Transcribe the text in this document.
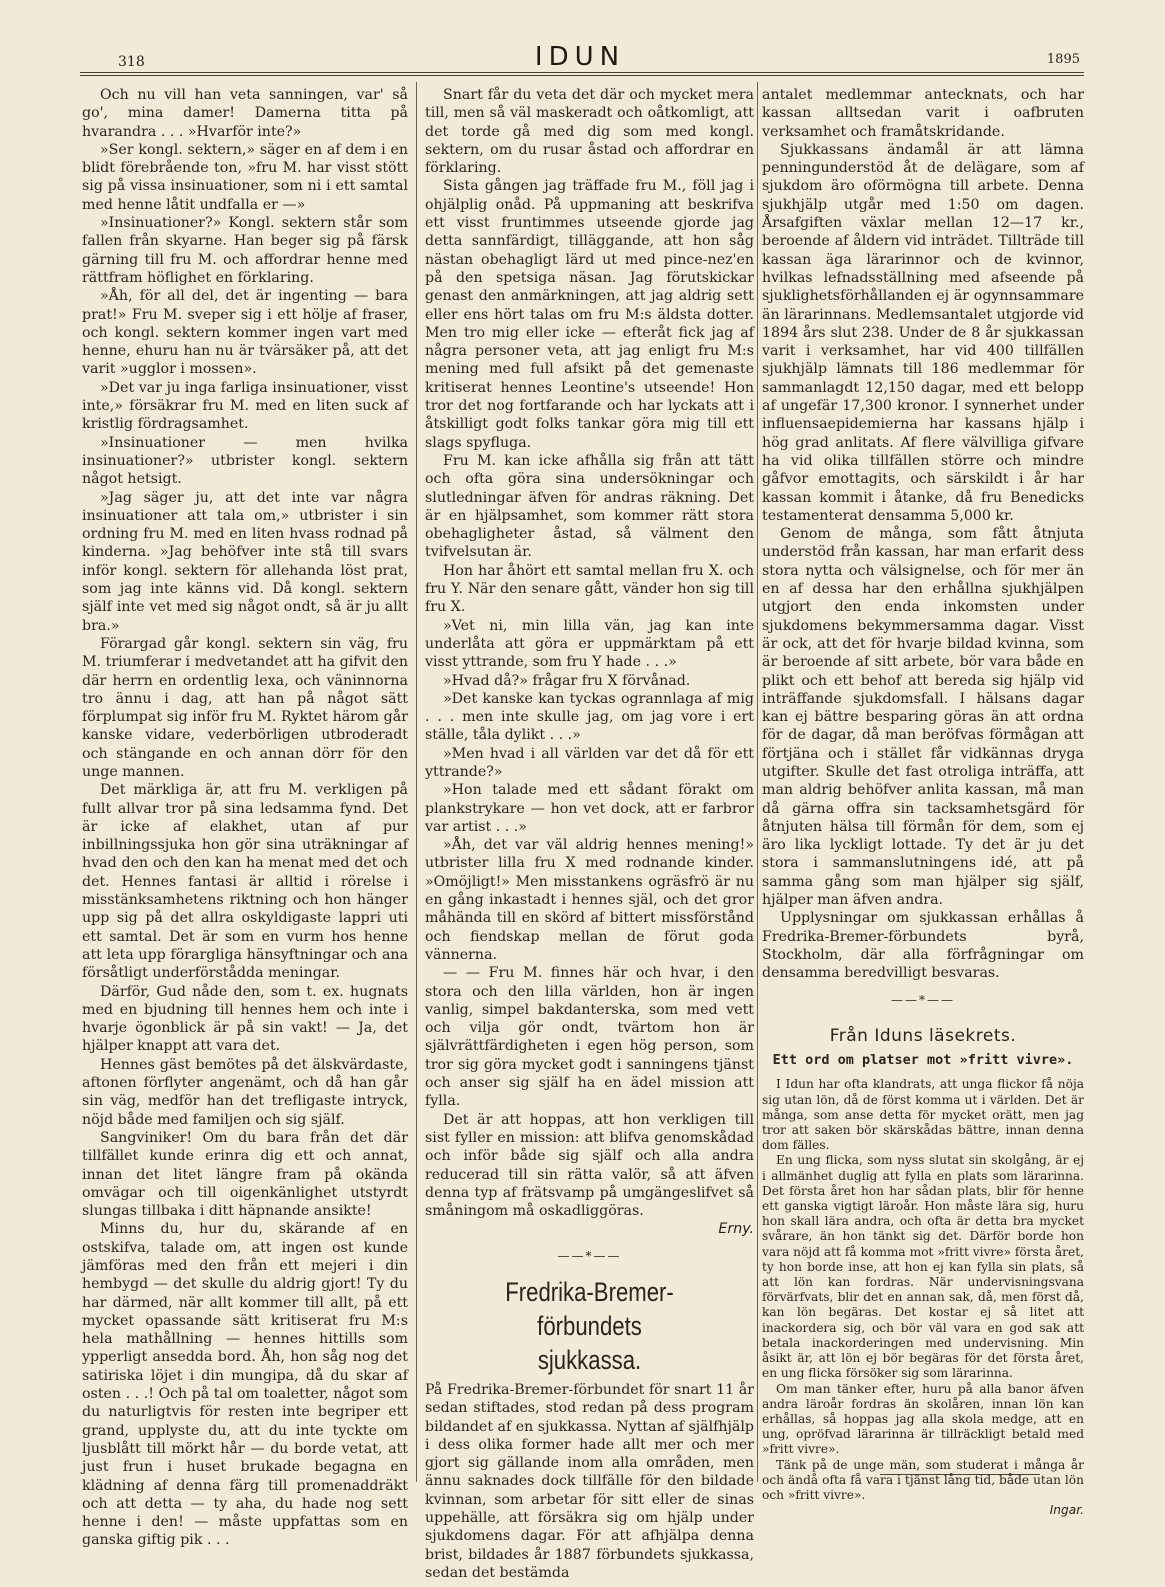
318	IDUN	1895

Och nu vill han veta sanningen, var' så go', mina damer! Damerna titta på hvarandra . . . »Hvarför inte?»

»Ser kongl. sektern,» säger en af dem i en blidt förebrående ton, »fru M. har visst stött sig på vissa insinuationer, som ni i ett samtal med henne låtit undfalla er —»

»Insinuationer?» Kongl. sektern står som fallen från skyarne. Han beger sig på färsk gärning till fru M. och affordrar henne med rättfram höflighet en förklaring.

»Åh, för all del, det är ingenting — bara prat!» Fru M. sveper sig i ett hölje af fraser, och kongl. sektern kommer ingen vart med henne, ehuru han nu är tvärsäker på, att det varit »ugglor i mossen».

»Det var ju inga farliga insinuationer, visst inte,» försäkrar fru M. med en liten suck af kristlig fördragsamhet.

»Insinuationer — men hvilka insinuationer?» utbrister kongl. sektern något hetsigt.

»Jag säger ju, att det inte var några insinuationer att tala om,» utbrister i sin ordning fru M. med en liten hvass rodnad på kinderna. »Jag behöfver inte stå till svars inför kongl. sektern för allehanda löst prat, som jag inte känns vid. Då kongl. sektern själf inte vet med sig något ondt, så är ju allt bra.»

Förargad går kongl. sektern sin väg, fru M. triumferar i medvetandet att ha gifvit den där herrn en ordentlig lexa, och väninnorna tro ännu i dag, att han på något sätt förplumpat sig inför fru M. Ryktet härom går kanske vidare, vederbörligen utbroderadt och stängande en och annan dörr för den unge mannen.

Det märkliga är, att fru M. verkligen på fullt allvar tror på sina ledsamma fynd. Det är icke af elakhet, utan af pur inbillningssjuka hon gör sina uträkningar af hvad den och den kan ha menat med det och det. Hennes fantasi är alltid i rörelse i misstänksamhetens riktning och hon hänger upp sig på det allra oskyldigaste lappri uti ett samtal. Det är som en vurm hos henne att leta upp förargliga hänsyftningar och ana försåtligt underförstådda meningar.

Därför, Gud nåde den, som t. ex. hugnats med en bjudning till hennes hem och inte i hvarje ögonblick är på sin vakt! — Ja, det hjälper knappt att vara det.

Hennes gäst bemötes på det älskvärdaste, aftonen förflyter angenämt, och då han går sin väg, medför han det trefligaste intryck, nöjd både med familjen och sig själf.

Sangviniker! Om du bara från det där tillfället kunde erinra dig ett och annat, innan det litet längre fram på okända omvägar och till oigenkänlighet utstyrdt slungas tillbaka i ditt häpnande ansikte!

Minns du, hur du, skärande af en ostskifva, talade om, att ingen ost kunde jämföras med den från ett mejeri i din hembygd — det skulle du aldrig gjort! Ty du har därmed, när allt kommer till allt, på ett mycket opassande sätt kritiserat fru M:s hela mathållning — hennes hittills som ypperligt ansedda bord. Åh, hon såg nog det satiriska löjet i din mungipa, då du skar af osten . . .! Och på tal om toaletter, något som du naturligtvis för resten inte begriper ett grand, upplyste du, att du inte tyckte om ljusblått till mörkt hår — du borde vetat, att just frun i huset brukade begagna en klädning af denna färg till promenaddräkt och att detta — ty aha, du hade nog sett henne i den! — måste uppfattas som en ganska giftig pik . . .

Snart får du veta det där och mycket mera till, men så väl maskeradt och oåtkomligt, att det torde gå med dig som med kongl. sektern, om du rusar åstad och affordrar en förklaring.

Sista gången jag träffade fru M., föll jag i ohjälplig onåd. På uppmaning att beskrifva ett visst fruntimmes utseende gjorde jag detta sannfärdigt, tilläggande, att hon såg nästan obehagligt lärd ut med pince-nez'en på den spetsiga näsan. Jag förutskickar genast den anmärkningen, att jag aldrig sett eller ens hört talas om fru M:s äldsta dotter. Men tro mig eller icke — efteråt fick jag af några personer veta, att jag enligt fru M:s mening med full afsikt på det gemenaste kritiserat hennes Leontine's utseende! Hon tror det nog fortfarande och har lyckats att i åtskilligt godt folks tankar göra mig till ett slags spyfluga.

Fru M. kan icke afhålla sig från att tätt och ofta göra sina undersökningar och slutledningar äfven för andras räkning. Det är en hjälpsamhet, som kommer rätt stora obehagligheter åstad, så välment den tvifvelsutan är.

Hon har åhört ett samtal mellan fru X. och fru Y. När den senare gått, vänder hon sig till fru X.

»Vet ni, min lilla vän, jag kan inte underlåta att göra er uppmärktam på ett visst yttrande, som fru Y hade . . .»

»Hvad då?» frågar fru X förvånad.

»Det kanske kan tyckas ogrannlaga af mig . . . men inte skulle jag, om jag vore i ert ställe, tåla dylikt . . .»

»Men hvad i all världen var det då för ett yttrande?»

»Hon talade med ett sådant förakt om plankstrykare — hon vet dock, att er farbror var artist . . .»

»Åh, det var väl aldrig hennes mening!» utbrister lilla fru X med rodnande kinder. »Omöjligt!» Men misstankens ogräsfrö är nu en gång inkastadt i hennes själ, och det gror måhända till en skörd af bittert missförstånd och fiendskap mellan de förut goda vännerna.

— — Fru M. finnes här och hvar, i den stora och den lilla världen, hon är ingen vanlig, simpel bakdanterska, som med vett och vilja gör ondt, tvärtom hon är självrättfärdigheten i egen hög person, som tror sig göra mycket godt i sanningens tjänst och anser sig själf ha en ädel mission att fylla.

Det är att hoppas, att hon verkligen till sist fyller en mission: att blifva genomskådad och inför både sig själf och alla andra reducerad till sin rätta valör, så att äfven denna typ af frätsvamp på umgängeslifvet så småningom må oskadliggöras.

Erny.
——*——
Fredrika-Bremer-förbundets
sjukkassa.

På Fredrika-Bremer-förbundet för snart 11 år sedan stiftades, stod redan på dess program bildandet af en sjukkassa. Nyttan af själfhjälp i dess olika former hade allt mer och mer gjort sig gällande inom alla områden, men ännu saknades dock tillfälle för den bildade kvinnan, som arbetar för sitt eller de sinas uppehälle, att försäkra sig om hjälp under sjukdomens dagar. För att afhjälpa denna brist, bildades år 1887 förbundets sjukkassa, sedan det bestämda

antalet medlemmar antecknats, och har kassan alltsedan varit i oafbruten verksamhet och framåtskridande.

Sjukkassans ändamål är att lämna penningunderstöd åt de delägare, som af sjukdom äro oförmögna till arbete. Denna sjukhjälp utgår med 1:50 om dagen. Årsafgiften växlar mellan 12—17 kr., beroende af åldern vid inträdet. Tillträde till kassan äga lärarinnor och de kvinnor, hvilkas lefnadsställning med afseende på sjuklighetsförhållanden ej är ogynnsammare än lärarinnans. Medlemsantalet utgjorde vid 1894 års slut 238. Under de 8 år sjukkassan varit i verksamhet, har vid 400 tillfällen sjukhjälp lämnats till 186 medlemmar för sammanlagdt 12,150 dagar, med ett belopp af ungefär 17,300 kronor. I synnerhet under influensaepidemierna har kassans hjälp i hög grad anlitats. Af flere välvilliga gifvare ha vid olika tillfällen större och mindre gåfvor emottagits, och särskildt i år har kassan kommit i åtanke, då fru Benedicks testamenterat densamma 5,000 kr.

Genom de många, som fått åtnjuta understöd från kassan, har man erfarit dess stora nytta och välsignelse, och för mer än en af dessa har den erhållna sjukhjälpen utgjort den enda inkomsten under sjukdomens bekymmersamma dagar. Visst är ock, att det för hvarje bildad kvinna, som är beroende af sitt arbete, bör vara både en plikt och ett behof att bereda sig hjälp vid inträffande sjukdomsfall. I hälsans dagar kan ej bättre besparing göras än att ordna för de dagar, då man beröfvas förmågan att förtjäna och i stället får vidkännas dryga utgifter. Skulle det fast otroliga inträffa, att man aldrig behöfver anlita kassan, må man då gärna offra sin tacksamhetsgärd för åtnjuten hälsa till förmån för dem, som ej äro lika lyckligt lottade. Ty det är ju det stora i sammanslutningens idé, att på samma gång som man hjälper sig själf, hjälper man äfven andra.

Upplysningar om sjukkassan erhållas å Fredrika-Bremer-förbundets byrå, Stockholm, där alla förfrågningar om densamma beredvilligt besvaras.

——*——
Från Iduns läsekrets.
Ett ord om platser mot »fritt vivre».

I Idun har ofta klandrats, att unga flickor få nöja sig utan lön, då de först komma ut i världen. Det är många, som anse detta för mycket orätt, men jag tror att saken bör skärskådas bättre, innan denna dom fälles.

En ung flicka, som nyss slutat sin skolgång, är ej i allmänhet duglig att fylla en plats som lärarinna. Det första året hon har sådan plats, blir för henne ett ganska vigtigt läroår. Hon måste lära sig, huru hon skall lära andra, och ofta är detta bra mycket svårare, än hon tänkt sig det. Därför borde hon vara nöjd att få komma mot »fritt vivre» första året, ty hon borde inse, att hon ej kan fylla sin plats, så att lön kan fordras. När undervisningsvana förvärfvats, blir det en annan sak, då, men först då, kan lön begäras. Det kostar ej så litet att inackordera sig, och bör väl vara en god sak att betala inackorderingen med undervisning. Min åsikt är, att lön ej bör begäras för det första året, en ung flicka försöker sig som lärarinna.

Om man tänker efter, huru på alla banor äfven andra läroår fordras än skolåren, innan lön kan erhållas, så hoppas jag alla skola medge, att en ung, opröfvad lärarinna är tillräckligt betald med »fritt vivre».

Tänk på de unge män, som studerat i många år och ändå ofta få vara i tjänst lång tid, både utan lön och »fritt vivre».

Ingar.
